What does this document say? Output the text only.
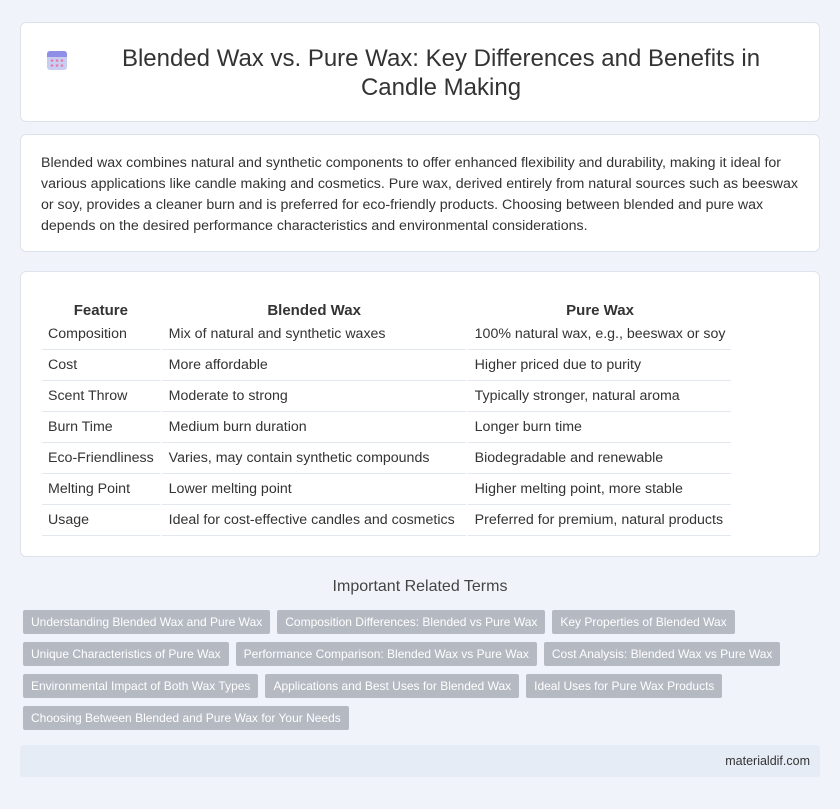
Blended Wax vs. Pure Wax: Key Differences and Benefits in Candle Making

Blended wax combines natural and synthetic components to offer enhanced flexibility and durability, making it ideal for various applications like candle making and cosmetics. Pure wax, derived entirely from natural sources such as beeswax or soy, provides a cleaner burn and is preferred for eco-friendly products. Choosing between blended and pure wax depends on the desired performance characteristics and environmental considerations.

Feature	Blended Wax	Pure Wax
Composition	Mix of natural and synthetic waxes	100% natural wax, e.g., beeswax or soy
Cost	More affordable	Higher priced due to purity
Scent Throw	Moderate to strong	Typically stronger, natural aroma
Burn Time	Medium burn duration	Longer burn time
Eco-Friendliness	Varies, may contain synthetic compounds	Biodegradable and renewable
Melting Point	Lower melting point	Higher melting point, more stable
Usage	Ideal for cost-effective candles and cosmetics	Preferred for premium, natural products
Important Related Terms
Understanding Blended Wax and Pure Wax	Composition Differences: Blended vs Pure Wax	Key Properties of Blended Wax
Unique Characteristics of Pure Wax	Performance Comparison: Blended Wax vs Pure Wax	Cost Analysis: Blended Wax vs Pure Wax
Environmental Impact of Both Wax Types	Applications and Best Uses for Blended Wax	Ideal Uses for Pure Wax Products
Choosing Between Blended and Pure Wax for Your Needs
materialdif.com
